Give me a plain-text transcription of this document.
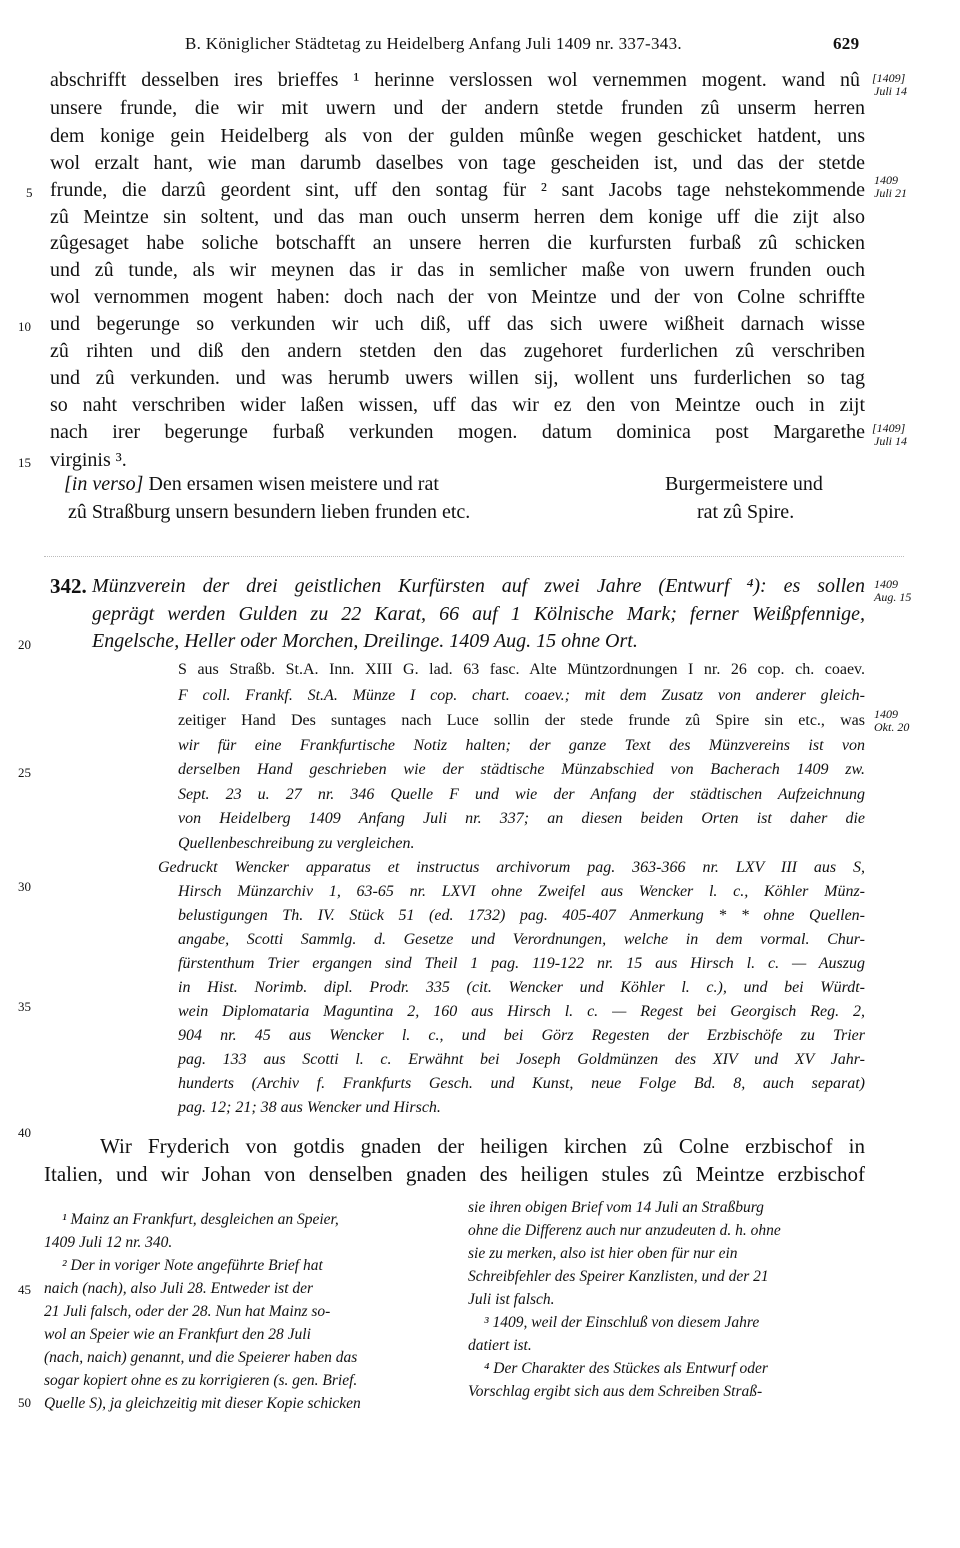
B. Königlicher Städtetag zu Heidelberg Anfang Juli 1409 nr. 337-343.	629
abschrifft desselben ires brieffes ¹ herinne verslossen wol vernemmen mogent. wand nû
unsere frunde, die wir mit uwern und der andern stetde frunden zû unserm herren
dem konige gein Heidelberg als von der gulden mûnße wegen geschicket hatdent, uns
wol erzalt hant, wie man darumb daselbes von tage gescheiden ist, und das der stetde
frunde, die darzû geordent sint, uff den sontag für ² sant Jacobs tage nehstekommende
zû Meintze sin soltent, und das man ouch unserm herren dem konige uff die zijt also
zûgesaget habe soliche botschafft an unsere herren die kurfursten furbaß zû schicken
und zû tunde, als wir meynen das ir das in semlicher maße von uwern frunden ouch
wol vernommen mogent haben: doch nach der von Meintze und der von Colne schriffte
und begerunge so verkunden wir uch diß, uff das sich uwere wißheit darnach wisse
zû rihten und diß den andern stetden den das zugehoret furderlichen zû verschriben
und zû verkunden. und was herumb uwers willen sij, wollent uns furderlichen so tag
so naht verschriben wider laßen wissen, uff das wir ez den von Meintze ouch in zijt
nach irer begerunge furbaß verkunden mogen. datum dominica post Margarethe
virginis ³.
[in verso] Den ersamen wisen meistere und rat
zû Straßburg unsern besundern lieben frunden etc.
Burgermeistere und
rat zû Spire.
342. Münzverein der drei geistlichen Kurfürsten auf zwei Jahre (Entwurf ⁴): es sollen
geprägt werden Gulden zu 22 Karat, 66 auf 1 Kölnische Mark; ferner Weißpfennige,
Engelsche, Heller oder Morchen, Dreilinge. 1409 Aug. 15 ohne Ort.
S aus Straßb. St.A. Inn. XIII G. lad. 63 fasc. Alte Müntzordnungen I nr. 26 cop. ch. coaev.
F coll. Frankf. St.A. Münze I cop. chart. coaev.; mit dem Zusatz von anderer gleich-
zeitiger Hand Des suntages nach Luce sollin der stede frunde zû Spire sin etc., was
wir für eine Frankfurtische Notiz halten; der ganze Text des Münzvereins ist von
derselben Hand geschrieben wie der städtische Münzabschied von Bacherach 1409 zw.
Sept. 23 u. 27 nr. 346 Quelle F und wie der Anfang der städtischen Aufzeichnung
von Heidelberg 1409 Anfang Juli nr. 337; an diesen beiden Orten ist daher die
Quellenbeschreibung zu vergleichen.
Gedruckt Wencker apparatus et instructus archivorum pag. 363-366 nr. LXV III aus S,
Hirsch Münzarchiv 1, 63-65 nr. LXVI ohne Zweifel aus Wencker l. c., Köhler Münz-
belustigungen Th. IV. Stück 51 (ed. 1732) pag. 405-407 Anmerkung * * ohne Quellen-
angabe, Scotti Sammlg. d. Gesetze und Verordnungen, welche in dem vormal. Chur-
fürstenthum Trier ergangen sind Theil 1 pag. 119-122 nr. 15 aus Hirsch l. c. — Auszug
in Hist. Norimb. dipl. Prodr. 335 (cit. Wencker und Köhler l. c.), und bei Würdt-
wein Diplomataria Maguntina 2, 160 aus Hirsch l. c. — Regest bei Georgisch Reg. 2,
904 nr. 45 aus Wencker l. c., und bei Görz Regesten der Erzbischöfe zu Trier
pag. 133 aus Scotti l. c. Erwähnt bei Joseph Goldmünzen des XIV und XV Jahr-
hunderts (Archiv f. Frankfurts Gesch. und Kunst, neue Folge Bd. 8, auch separat)
pag. 12; 21; 38 aus Wencker und Hirsch.
Wir Fryderich von gotdis gnaden der heiligen kirchen zû Colne erzbischof in
Italien, und wir Johan von denselben gnaden des heiligen stules zû Meintze erzbischof
¹ Mainz an Frankfurt, desgleichen an Speier,
1409 Juli 12 nr. 340.
² Der in voriger Note angeführte Brief hat
naich (nach), also Juli 28. Entweder ist der
21 Juli falsch, oder der 28. Nun hat Mainz so-
wol an Speier wie an Frankfurt den 28 Juli
(nach, naich) genannt, und die Speierer haben das
sogar kopiert ohne es zu korrigieren (s. gen. Brief.
Quelle S), ja gleichzeitig mit dieser Kopie schicken
sie ihren obigen Brief vom 14 Juli an Straßburg
ohne die Differenz auch nur anzudeuten d. h. ohne
sie zu merken, also ist hier oben für nur ein
Schreibfehler des Speirer Kanzlisten, und der 21
Juli ist falsch.
³ 1409, weil der Einschluß von diesem Jahre
datiert ist.
⁴ Der Charakter des Stückes als Entwurf oder
Vorschlag ergibt sich aus dem Schreiben Straß-
5
10
15
20
25
30
35
40
45
50
[1409]
Juli 14
1409
Juli 21
[1409]
Juli 14
1409
Aug. 15
1409
Okt. 20
